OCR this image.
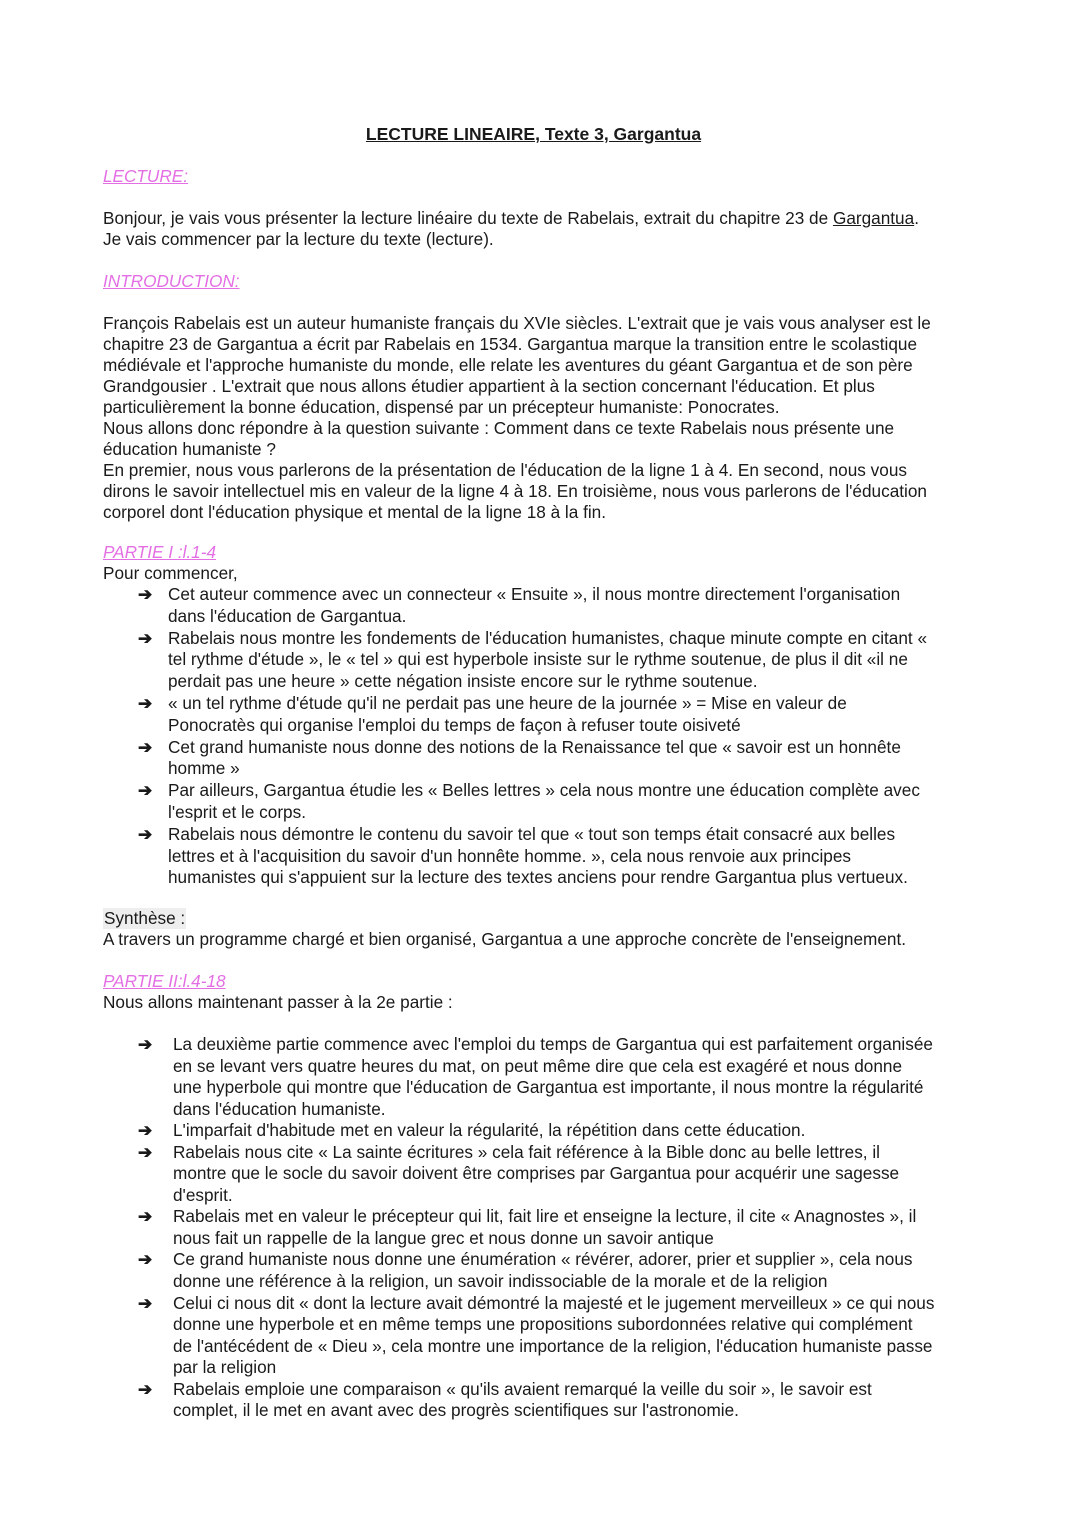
LECTURE LINEAIRE, Texte 3, Gargantua
LECTURE:

Bonjour, je vais vous présenter la lecture linéaire du texte de Rabelais, extrait du chapitre 23 de Gargantua.

Je vais commencer par la lecture du texte (lecture).

INTRODUCTION:

François Rabelais est un auteur humaniste français du XVIe siècles. L'extrait que je vais vous analyser est le

chapitre 23 de Gargantua a écrit par Rabelais en 1534. Gargantua marque la transition entre le scolastique

médiévale et l'approche humaniste du monde, elle relate les aventures du géant Gargantua et de son père

Grandgousier . L'extrait que nous allons étudier appartient à la section concernant l'éducation. Et plus

particulièrement la bonne éducation, dispensé par un précepteur humaniste: Ponocrates.

Nous allons donc répondre à la question suivante : Comment dans ce texte Rabelais nous présente une

éducation humaniste ?

En premier, nous vous parlerons de la présentation de l'éducation de la ligne 1 à 4. En second, nous vous

dirons le savoir intellectuel mis en valeur de la ligne 4 à 18. En troisième, nous vous parlerons de l'éducation

corporel dont l'éducation physique et mental de la ligne 18 à la fin.

PARTIE I :l.1-4

Pour commencer,

➔ Cet auteur commence avec un connecteur « Ensuite », il nous montre directement l'organisation
dans l'éducation de Gargantua.
➔ Rabelais nous montre les fondements de l'éducation humanistes, chaque minute compte en citant «
tel rythme d'étude », le « tel » qui est hyperbole insiste sur le rythme soutenue, de plus il dit «il ne
perdait pas une heure » cette négation insiste encore sur le rythme soutenue.
➔ « un tel rythme d'étude qu'il ne perdait pas une heure de la journée » = Mise en valeur de
Ponocratès qui organise l'emploi du temps de façon à refuser toute oisiveté
➔ Cet grand humaniste nous donne des notions de la Renaissance tel que « savoir est un honnête
homme »
➔ Par ailleurs, Gargantua étudie les « Belles lettres » cela nous montre une éducation complète avec
l'esprit et le corps.
➔ Rabelais nous démontre le contenu du savoir tel que « tout son temps était consacré aux belles
lettres et à l'acquisition du savoir d'un honnête homme. », cela nous renvoie aux principes
humanistes qui s'appuient sur la lecture des textes anciens pour rendre Gargantua plus vertueux.

Synthèse :

A travers un programme chargé et bien organisé, Gargantua a une approche concrète de l'enseignement.

PARTIE II:l.4-18

Nous allons maintenant passer à la 2e partie :

➔ La deuxième partie commence avec l'emploi du temps de Gargantua qui est parfaitement organisée
en se levant vers quatre heures du mat, on peut même dire que cela est exagéré et nous donne
une hyperbole qui montre que l'éducation de Gargantua est importante, il nous montre la régularité
dans l'éducation humaniste.
➔ L'imparfait d'habitude met en valeur la régularité, la répétition dans cette éducation.
➔ Rabelais nous cite « La sainte écritures » cela fait référence à la Bible donc au belle lettres, il
montre que le socle du savoir doivent être comprises par Gargantua pour acquérir une sagesse
d'esprit.
➔ Rabelais met en valeur le précepteur qui lit, fait lire et enseigne la lecture, il cite « Anagnostes », il
nous fait un rappelle de la langue grec et nous donne un savoir antique
➔ Ce grand humaniste nous donne une énumération « révérer, adorer, prier et supplier », cela nous
donne une référence à la religion, un savoir indissociable de la morale et de la religion
➔ Celui ci nous dit « dont la lecture avait démontré la majesté et le jugement merveilleux » ce qui nous
donne une hyperbole et en même temps une propositions subordonnées relative qui complément
de l'antécédent de « Dieu », cela montre une importance de la religion, l'éducation humaniste passe
par la religion
➔ Rabelais emploie une comparaison « qu'ils avaient remarqué la veille du soir », le savoir est
complet, il le met en avant avec des progrès scientifiques sur l'astronomie.
